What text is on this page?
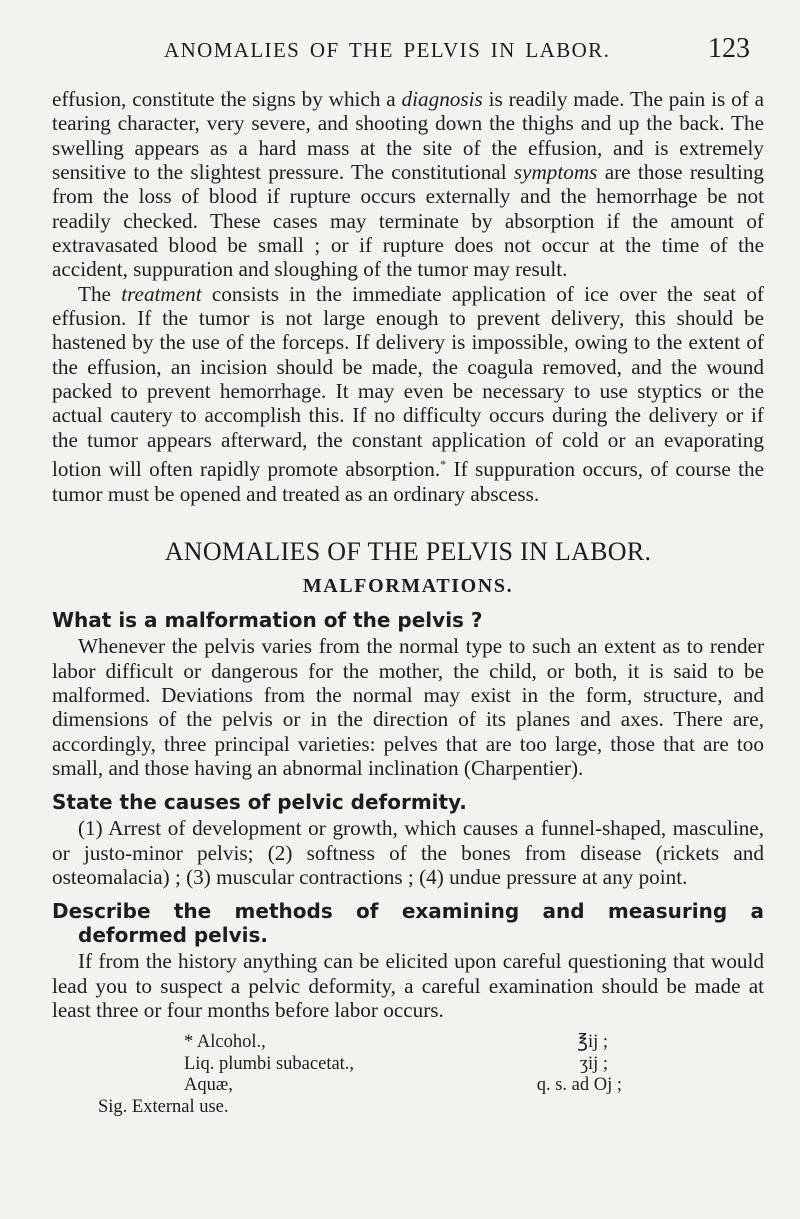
ANOMALIES OF THE PELVIS IN LABOR.	123

effusion, constitute the signs by which a diagnosis is readily made. The pain is of a tearing character, very severe, and shooting down the thighs and up the back. The swelling appears as a hard mass at the site of the effusion, and is extremely sensitive to the slightest pressure. The constitutional symptoms are those resulting from the loss of blood if rupture occurs externally and the hemorrhage be not readily checked. These cases may terminate by absorption if the amount of extravasated blood be small ; or if rupture does not occur at the time of the accident, suppuration and sloughing of the tumor may result.

The treatment consists in the immediate application of ice over the seat of effusion. If the tumor is not large enough to prevent delivery, this should be hastened by the use of the forceps. If delivery is impossible, owing to the extent of the effusion, an incision should be made, the coagula removed, and the wound packed to prevent hemorrhage. It may even be necessary to use styptics or the actual cautery to accomplish this. If no difficulty occurs during the delivery or if the tumor appears afterward, the constant application of cold or an evaporating lotion will often rapidly promote absorption.* If suppuration occurs, of course the tumor must be opened and treated as an ordinary abscess.

ANOMALIES OF THE PELVIS IN LABOR.
MALFORMATIONS.
What is a malformation of the pelvis ?

Whenever the pelvis varies from the normal type to such an extent as to render labor difficult or dangerous for the mother, the child, or both, it is said to be malformed. Deviations from the normal may exist in the form, structure, and dimensions of the pelvis or in the direction of its planes and axes. There are, accordingly, three principal varieties: pelves that are too large, those that are too small, and those having an abnormal inclination (Charpentier).

State the causes of pelvic deformity.

(1) Arrest of development or growth, which causes a funnel-shaped, masculine, or justo-minor pelvis; (2) softness of the bones from disease (rickets and osteomalacia) ; (3) muscular contractions ; (4) undue pressure at any point.

Describe the methods of examining and measuring a deformed pelvis.

If from the history anything can be elicited upon careful questioning that would lead you to suspect a pelvic deformity, a careful examination should be made at least three or four months before labor occurs.

* Alcohol.,	℥ij ;
Liq. plumbi subacetat.,	ʒij ;
Aquæ,	q. s. ad Oj ;
Sig. External use.
